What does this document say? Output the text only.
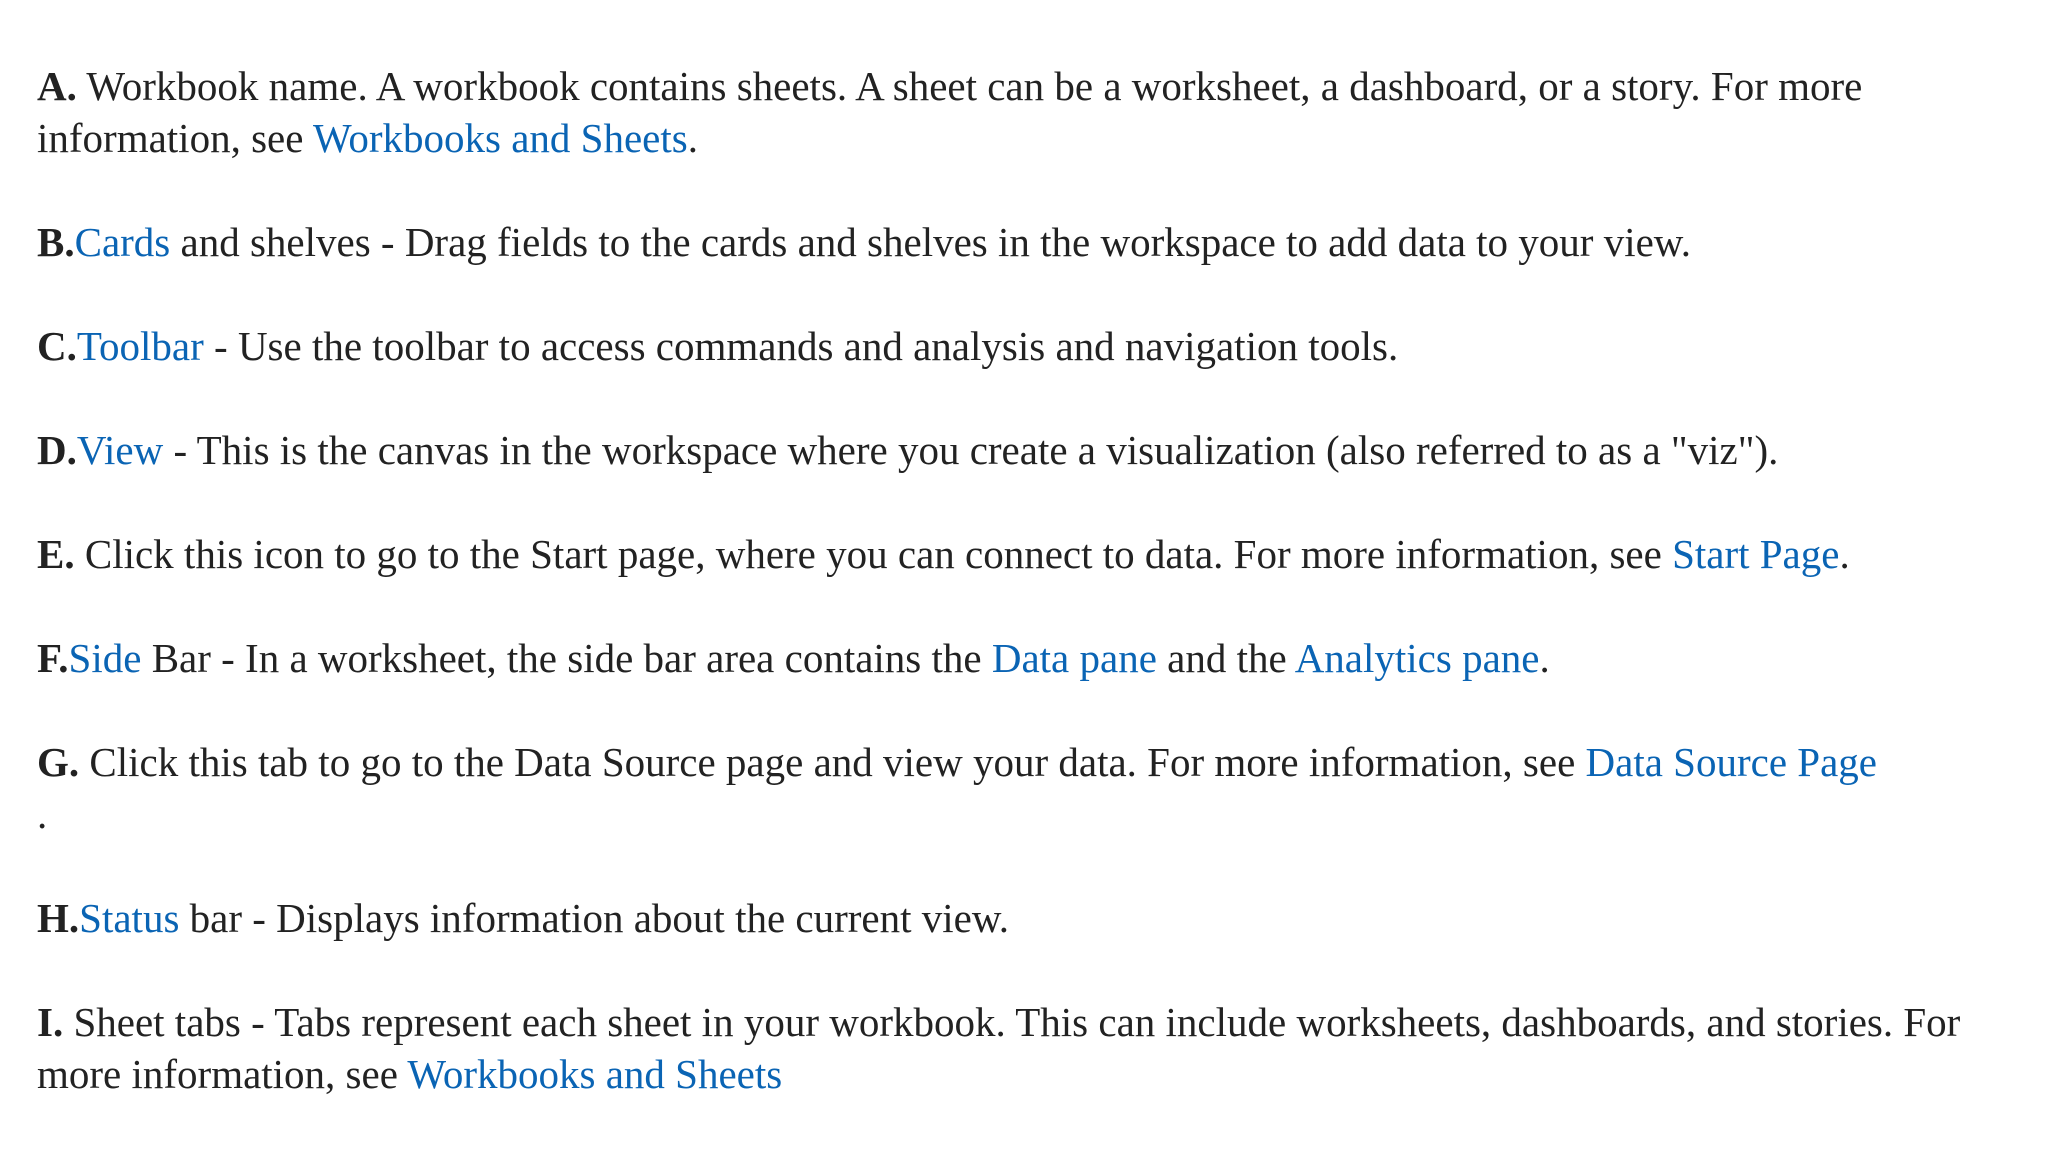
A. Workbook name. A workbook contains sheets. A sheet can be a worksheet, a dashboard, or a story. For more information, see Workbooks and Sheets.

B.Cards and shelves - Drag fields to the cards and shelves in the workspace to add data to your view.

C.Toolbar - Use the toolbar to access commands and analysis and navigation tools.

D.View - This is the canvas in the workspace where you create a visualization (also referred to as a "viz").

E. Click this icon to go to the Start page, where you can connect to data. For more information, see Start Page.

F.Side Bar - In a worksheet, the side bar area contains the Data pane and the Analytics pane.

G. Click this tab to go to the Data Source page and view your data. For more information, see Data Source Page
.

H.Status bar - Displays information about the current view.

I. Sheet tabs - Tabs represent each sheet in your workbook. This can include worksheets, dashboards, and stories. For more information, see Workbooks and Sheets
